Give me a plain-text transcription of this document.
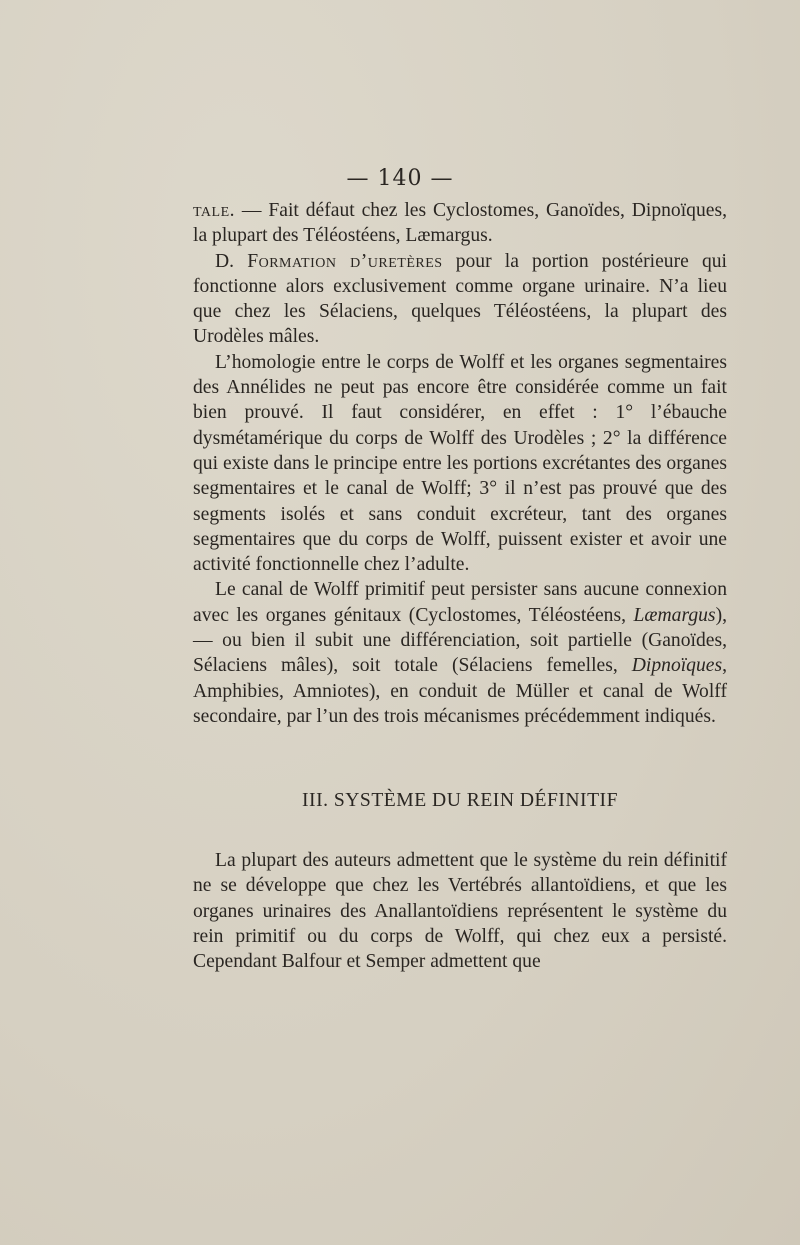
— 140 —

tale. — Fait défaut chez les Cyclostomes, Ganoïdes, Dipnoïques, la plupart des Téléostéens, Læmargus.

D. Formation d’uretères pour la portion postérieure qui fonctionne alors exclusivement comme organe urinaire. N’a lieu que chez les Sélaciens, quelques Téléostéens, la plupart des Urodèles mâles.

L’homologie entre le corps de Wolff et les organes segmentaires des Annélides ne peut pas encore être considérée comme un fait bien prouvé. Il faut considérer, en effet : 1° l’ébauche dysmétamérique du corps de Wolff des Urodèles ; 2° la différence qui existe dans le principe entre les portions excrétantes des organes segmentaires et le canal de Wolff; 3° il n’est pas prouvé que des segments isolés et sans conduit excréteur, tant des organes segmentaires que du corps de Wolff, puissent exister et avoir une activité fonctionnelle chez l’adulte.

Le canal de Wolff primitif peut persister sans aucune connexion avec les organes génitaux (Cyclostomes, Téléostéens, Læmargus), — ou bien il subit une différenciation, soit partielle (Ganoïdes, Sélaciens mâles), soit totale (Sélaciens femelles, Dipnoïques, Amphibies, Amniotes), en conduit de Müller et canal de Wolff secondaire, par l’un des trois mécanismes précédemment indiqués.

III. SYSTÈME DU REIN DÉFINITIF

La plupart des auteurs admettent que le système du rein définitif ne se développe que chez les Vertébrés allantoïdiens, et que les organes urinaires des Anallantoïdiens représentent le système du rein primitif ou du corps de Wolff, qui chez eux a persisté. Cependant Balfour et Semper admettent que
